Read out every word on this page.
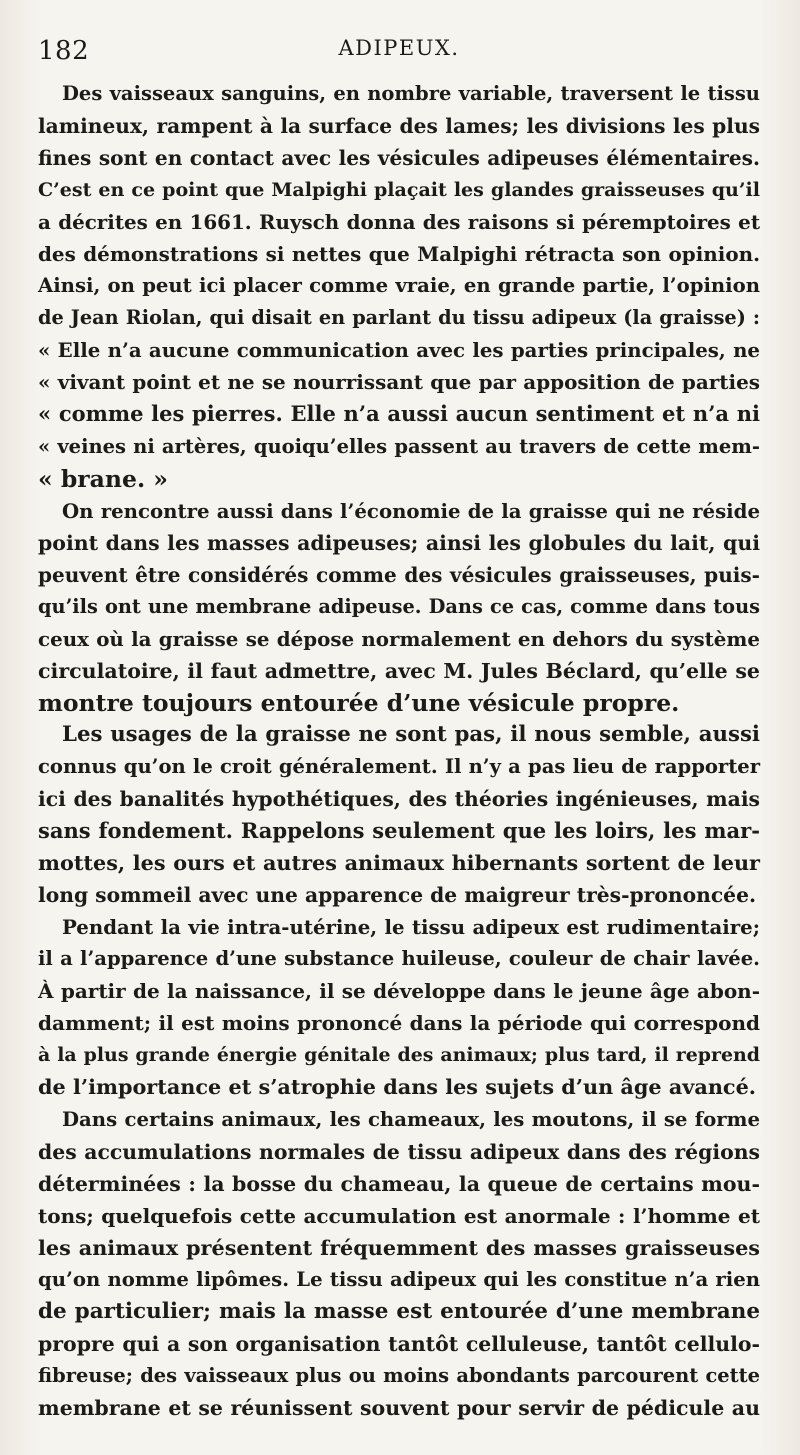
182	ADIPEUX.
Des vaisseaux sanguins, en nombre variable, traversent le tissu
lamineux, rampent à la surface des lames; les divisions les plus
fines sont en contact avec les vésicules adipeuses élémentaires.
C’est en ce point que Malpighi plaçait les glandes graisseuses qu’il
a décrites en 1661. Ruysch donna des raisons si péremptoires et
des démonstrations si nettes que Malpighi rétracta son opinion.
Ainsi, on peut ici placer comme vraie, en grande partie, l’opinion
de Jean Riolan, qui disait en parlant du tissu adipeux (la graisse) :
« Elle n’a aucune communication avec les parties principales, ne
« vivant point et ne se nourrissant que par apposition de parties
« comme les pierres. Elle n’a aussi aucun sentiment et n’a ni
« veines ni artères, quoiqu’elles passent au travers de cette mem-
« brane. »
On rencontre aussi dans l’économie de la graisse qui ne réside
point dans les masses adipeuses; ainsi les globules du lait, qui
peuvent être considérés comme des vésicules graisseuses, puis-
qu’ils ont une membrane adipeuse. Dans ce cas, comme dans tous
ceux où la graisse se dépose normalement en dehors du système
circulatoire, il faut admettre, avec M. Jules Béclard, qu’elle se
montre toujours entourée d’une vésicule propre.
Les usages de la graisse ne sont pas, il nous semble, aussi
connus qu’on le croit généralement. Il n’y a pas lieu de rapporter
ici des banalités hypothétiques, des théories ingénieuses, mais
sans fondement. Rappelons seulement que les loirs, les mar-
mottes, les ours et autres animaux hibernants sortent de leur
long sommeil avec une apparence de maigreur très-prononcée.
Pendant la vie intra-utérine, le tissu adipeux est rudimentaire;
il a l’apparence d’une substance huileuse, couleur de chair lavée.
À partir de la naissance, il se développe dans le jeune âge abon-
damment; il est moins prononcé dans la période qui correspond
à la plus grande énergie génitale des animaux; plus tard, il reprend
de l’importance et s’atrophie dans les sujets d’un âge avancé.
Dans certains animaux, les chameaux, les moutons, il se forme
des accumulations normales de tissu adipeux dans des régions
déterminées : la bosse du chameau, la queue de certains mou-
tons; quelquefois cette accumulation est anormale : l’homme et
les animaux présentent fréquemment des masses graisseuses
qu’on nomme lipômes. Le tissu adipeux qui les constitue n’a rien
de particulier; mais la masse est entourée d’une membrane
propre qui a son organisation tantôt celluleuse, tantôt cellulo-
fibreuse; des vaisseaux plus ou moins abondants parcourent cette
membrane et se réunissent souvent pour servir de pédicule au
